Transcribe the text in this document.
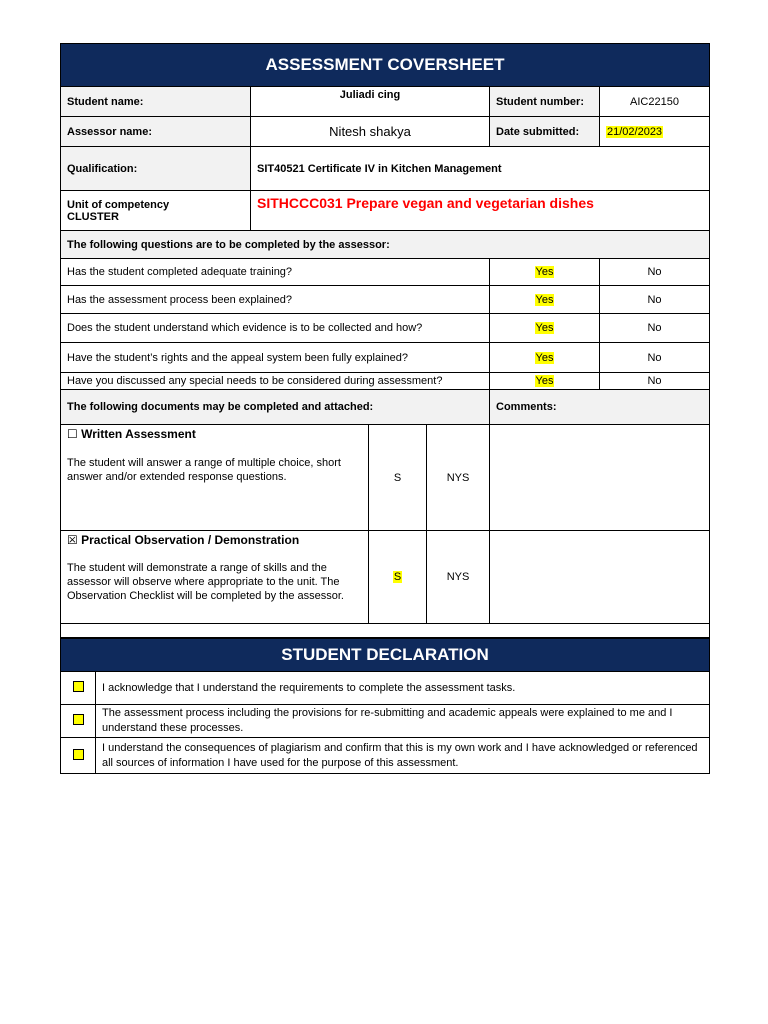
ASSESSMENT COVERSHEET					
Student name:	Juliadi cing			Student number:	AIC22150
Assessor name:	Nitesh shakya			Date submitted:	21/02/2023
Qualification:	SIT40521 Certificate IV in Kitchen Management				

Unit of competency
CLUSTER	SITHCCC031 Prepare vegan and vegetarian dishes				
The following questions are to be completed by the assessor:					
Has the student completed adequate training?				Yes	No
Has the assessment process been explained?				Yes	No
Does the student understand which evidence is to be collected and how?				Yes	No
Have the student’s rights and the appeal system been fully explained?				Yes	No
Have you discussed any special needs to be considered during assessment?				Yes	No
The following documents may be completed and attached:				Comments:	

☐ Written Assessment
The student will answer a range of multiple choice, short answer and/or extended response questions.		S	NYS		

☒ Practical Observation / Demonstration
The student will demonstrate a range of skills and the assessor will observe where appropriate to the unit. The Observation Checklist will be completed by the assessor.		S	NYS		

STUDENT DECLARATION	
	I acknowledge that I understand the requirements to complete the assessment tasks.
	The assessment process including the provisions for re-submitting and academic appeals were explained to me and I understand these processes.
	I understand the consequences of plagiarism and confirm that this is my own work and I have acknowledged or referenced all sources of information I have used for the purpose of this assessment.
